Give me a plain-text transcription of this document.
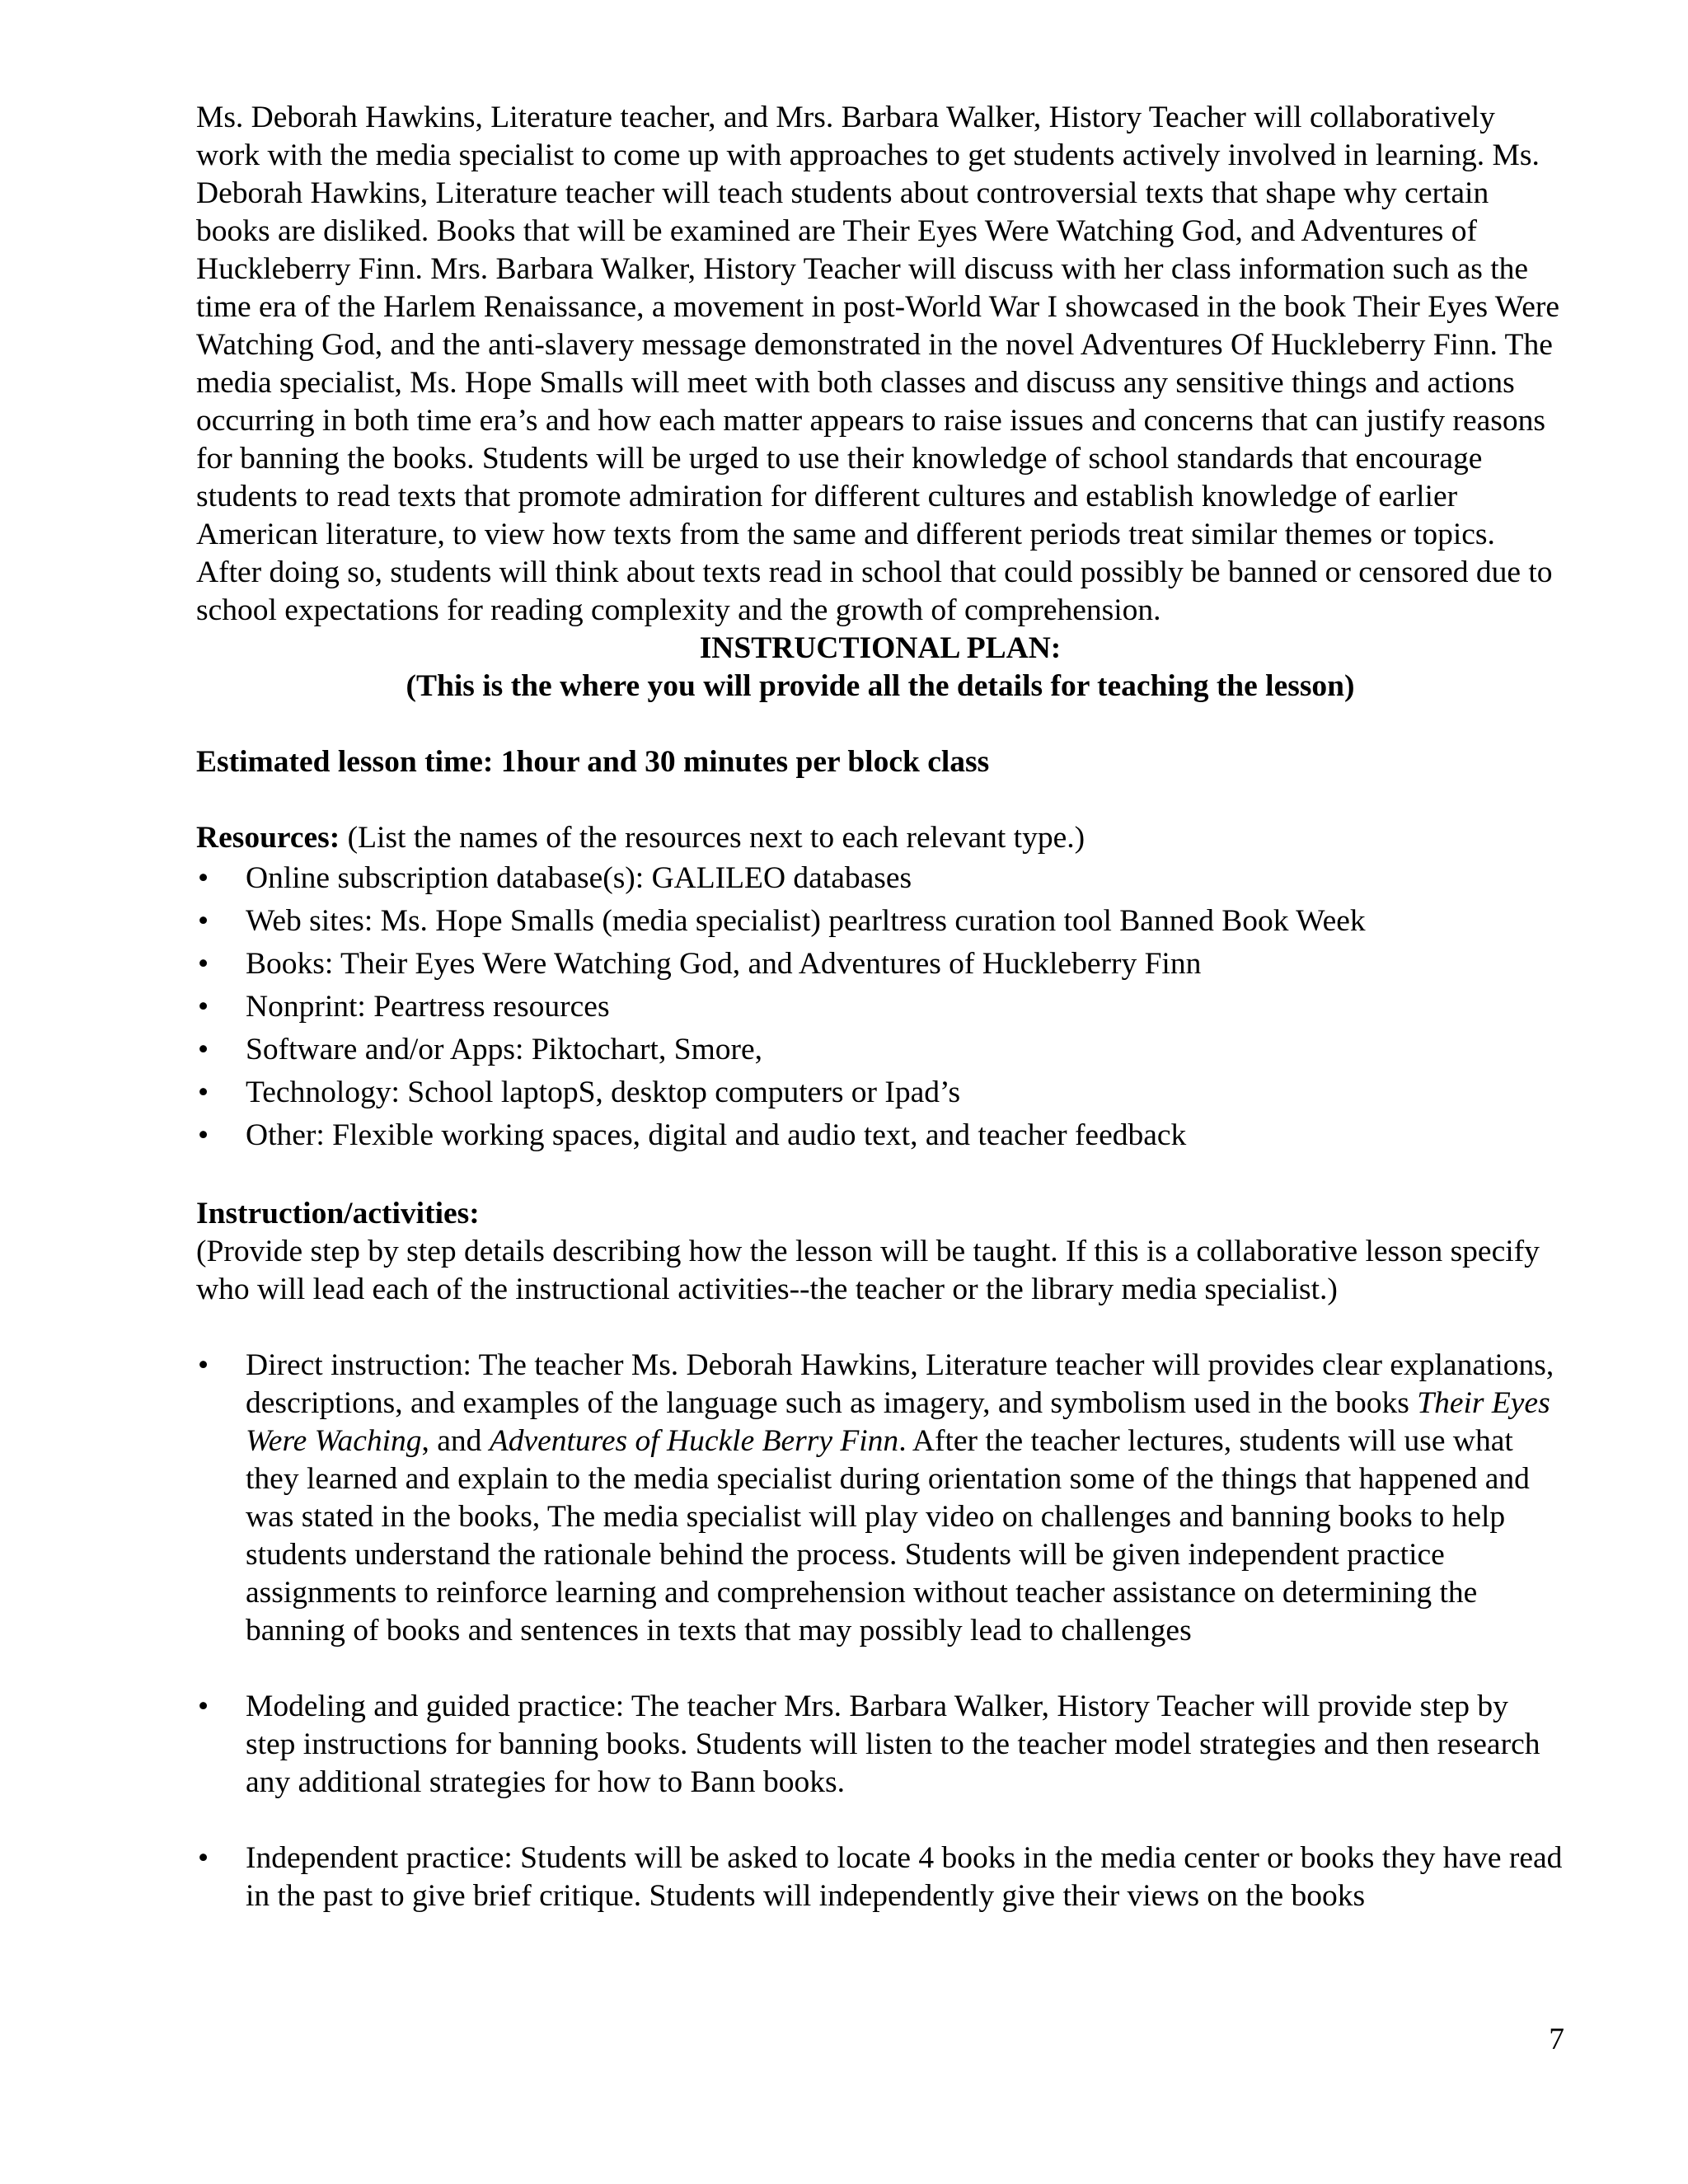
Ms. Deborah Hawkins, Literature teacher, and Mrs. Barbara Walker, History Teacher will collaboratively work with the media specialist to come up with approaches to get students actively involved in learning. Ms. Deborah Hawkins, Literature teacher will teach students about controversial texts that shape why certain books are disliked. Books that will be examined are Their Eyes Were Watching God, and Adventures of Huckleberry Finn. Mrs. Barbara Walker, History Teacher will discuss with her class information such as the time era of the Harlem Renaissance, a movement in post-World War I showcased in the book Their Eyes Were Watching God, and the anti-slavery message demonstrated in the novel Adventures Of Huckleberry Finn. The media specialist, Ms. Hope Smalls will meet with both classes and discuss any sensitive things and actions occurring in both time era’s and how each matter appears to raise issues and concerns that can justify reasons for banning the books. Students will be urged to use their knowledge of school standards that encourage students to read texts that promote admiration for different cultures and establish knowledge of earlier American literature, to view how texts from the same and different periods treat similar themes or topics. After doing so, students will think about texts read in school that could possibly be banned or censored due to school expectations for reading complexity and the growth of comprehension.

INSTRUCTIONAL PLAN:

(This is the where you will provide all the details for teaching the lesson)

Estimated lesson time: 1hour and 30 minutes per block class

Resources: (List the names of the resources next to each relevant type.)

•	Online subscription database(s): GALILEO databases
•	Web sites: Ms. Hope Smalls (media specialist) pearltress curation tool Banned Book Week
•	Books: Their Eyes Were Watching God, and Adventures of Huckleberry Finn
•	Nonprint: Peartress resources
•	Software and/or Apps: Piktochart, Smore,
•	Technology: School laptopS, desktop computers or Ipad’s
•	Other: Flexible working spaces, digital and audio text, and teacher feedback

Instruction/activities:

(Provide step by step details describing how the lesson will be taught. If this is a collaborative lesson specify who will lead each of the instructional activities--the teacher or the library media specialist.)

•	Direct instruction: The teacher Ms. Deborah Hawkins, Literature teacher will provides clear explanations, descriptions, and examples of the language such as imagery, and symbolism used in the books Their Eyes Were Waching, and Adventures of Huckle Berry Finn. After the teacher lectures, students will use what they learned and explain to the media specialist during orientation some of the things that happened and was stated in the books, The media specialist will play video on challenges and banning books to help students understand the rationale behind the process. Students will be given independent practice assignments to reinforce learning and comprehension without teacher assistance on determining the banning of books and sentences in texts that may possibly lead to challenges
•	Modeling and guided practice: The teacher Mrs. Barbara Walker, History Teacher will provide step by step instructions for banning books. Students will listen to the teacher model strategies and then research any additional strategies for how to Bann books.
•	Independent practice: Students will be asked to locate 4 books in the media center or books they have read in the past to give brief critique. Students will independently give their views on the books
7
